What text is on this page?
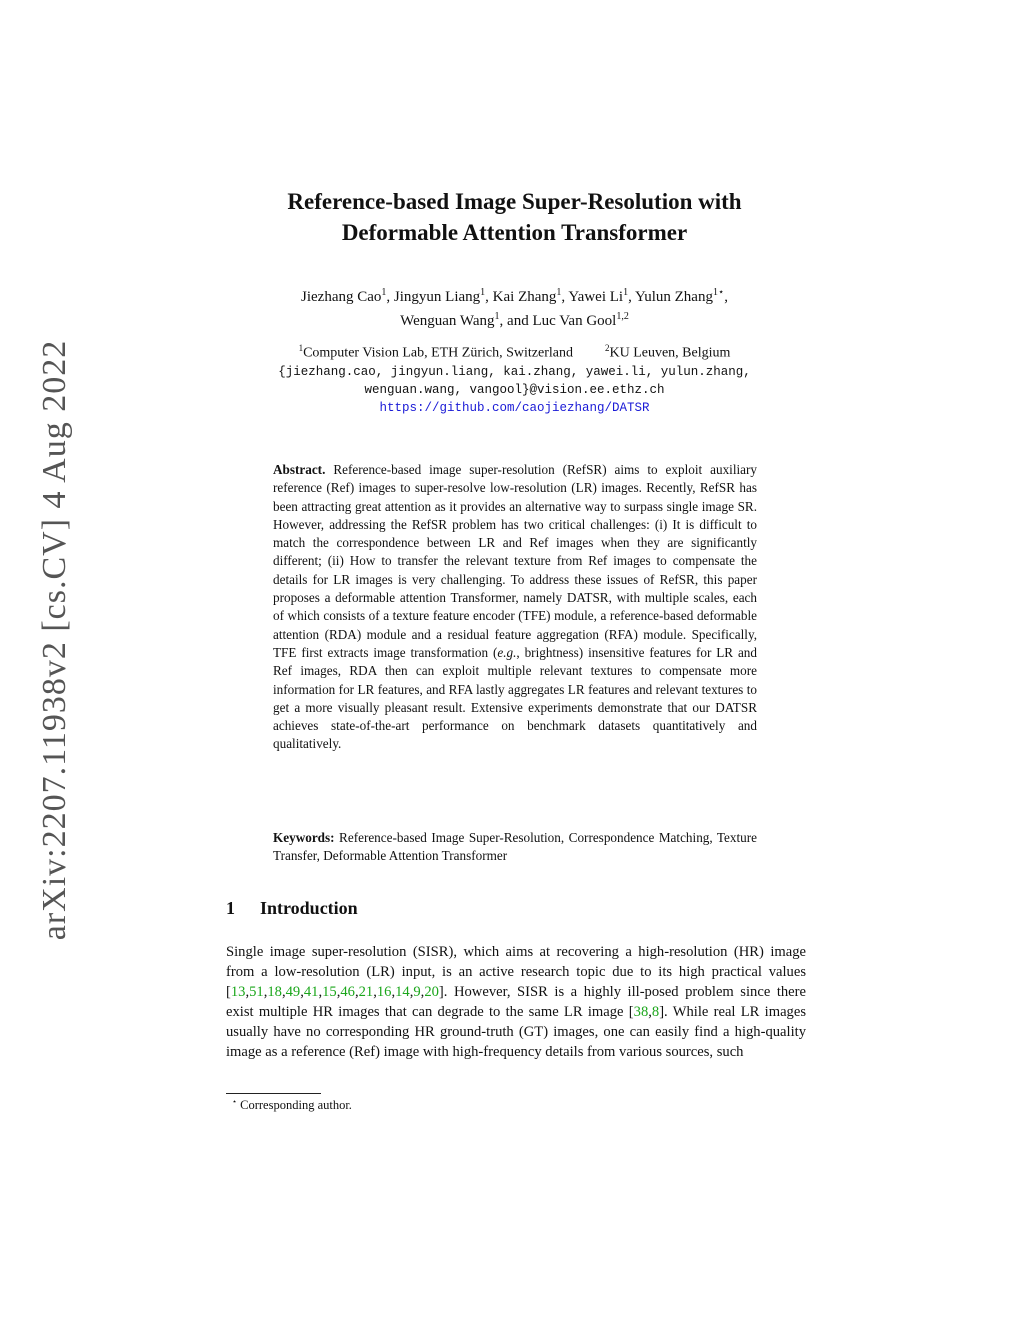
arXiv:2207.11938v2 [cs.CV] 4 Aug 2022
Reference-based Image Super-Resolution with
Deformable Attention Transformer
Jiezhang Cao$^1$, Jingyun Liang$^1$, Kai Zhang$^1$, Yawei Li$^1$, Yulun Zhang$^{1⋆}$,
Wenguan Wang$^1$, and Luc Van Gool$^{1,2}$
$^1$Computer Vision Lab, ETH Zürich, Switzerland	$^2$KU Leuven, Belgium
{jiezhang.cao, jingyun.liang, kai.zhang, yawei.li, yulun.zhang,
wenguan.wang, vangool}@vision.ee.ethz.ch
https://github.com/caojiezhang/DATSR
Abstract. Reference-based image super-resolution (RefSR) aims to exploit auxiliary reference (Ref) images to super-resolve low-resolution (LR) images. Recently, RefSR has been attracting great attention as it provides an alternative way to surpass single image SR. However, addressing the RefSR problem has two critical challenges: (i) It is difficult to match the correspondence between LR and Ref images when they are significantly different; (ii) How to transfer the relevant texture from Ref images to compensate the details for LR images is very challenging. To address these issues of RefSR, this paper proposes a deformable attention Transformer, namely DATSR, with multiple scales, each of which consists of a texture feature encoder (TFE) module, a reference-based deformable attention (RDA) module and a residual feature aggregation (RFA) module. Specifically, TFE first extracts image transformation (e.g., brightness) insensitive features for LR and Ref images, RDA then can exploit multiple relevant textures to compensate more information for LR features, and RFA lastly aggregates LR features and relevant textures to get a more visually pleasant result. Extensive experiments demonstrate that our DATSR achieves state-of-the-art performance on benchmark datasets quantitatively and qualitatively.
Keywords: Reference-based Image Super-Resolution, Correspondence Matching, Texture Transfer, Deformable Attention Transformer
1 Introduction
Single image super-resolution (SISR), which aims at recovering a high-resolution (HR) image from a low-resolution (LR) input, is an active research topic due to its high practical values [13,51,18,49,41,15,46,21,16,14,9,20]. However, SISR is a highly ill-posed problem since there exist multiple HR images that can degrade to the same LR image [38,8]. While real LR images usually have no corresponding HR ground-truth (GT) images, one can easily find a high-quality image as a reference (Ref) image with high-frequency details from various sources, such
⋆ Corresponding author.
